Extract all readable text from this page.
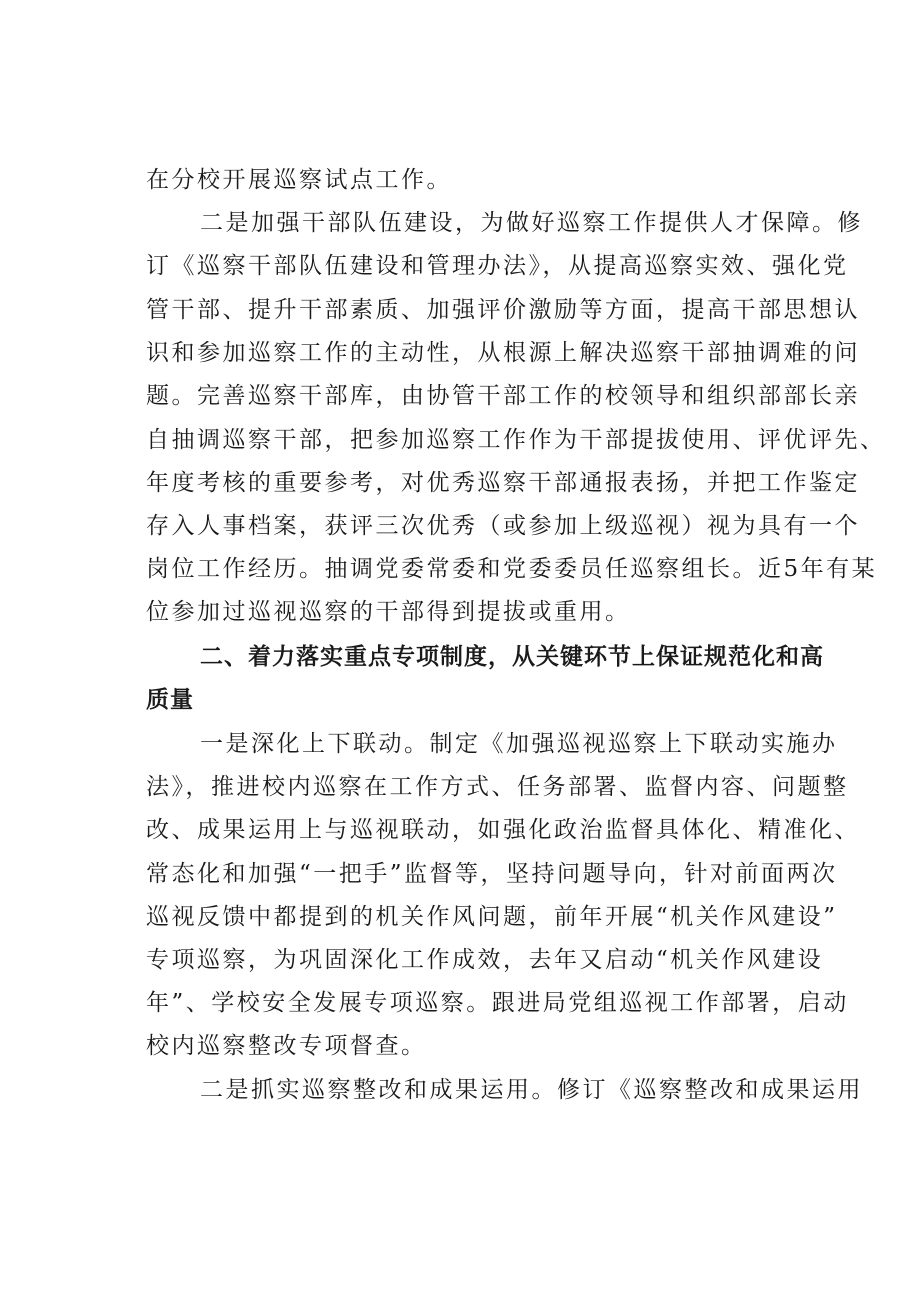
在分校开展巡察试点工作。
二是加强干部队伍建设，为做好巡察工作提供人才保障。修
订《巡察干部队伍建设和管理办法》，从提高巡察实效、强化党
管干部、提升干部素质、加强评价激励等方面，提高干部思想认
识和参加巡察工作的主动性，从根源上解决巡察干部抽调难的问
题。完善巡察干部库，由协管干部工作的校领导和组织部部长亲
自抽调巡察干部，把参加巡察工作作为干部提拔使用、评优评先、
年度考核的重要参考，对优秀巡察干部通报表扬，并把工作鉴定
存入人事档案，获评三次优秀（或参加上级巡视）视为具有一个
岗位工作经历。抽调党委常委和党委委员任巡察组长。近5年有某
位参加过巡视巡察的干部得到提拔或重用。
二、着力落实重点专项制度，从关键环节上保证规范化和高
质量
一是深化上下联动。制定《加强巡视巡察上下联动实施办
法》，推进校内巡察在工作方式、任务部署、监督内容、问题整
改、成果运用上与巡视联动，如强化政治监督具体化、精准化、
常态化和加强“一把手”监督等，坚持问题导向，针对前面两次
巡视反馈中都提到的机关作风问题，前年开展“机关作风建设”
专项巡察，为巩固深化工作成效，去年又启动“机关作风建设
年”、学校安全发展专项巡察。跟进局党组巡视工作部署，启动
校内巡察整改专项督查。
二是抓实巡察整改和成果运用。修订《巡察整改和成果运用
